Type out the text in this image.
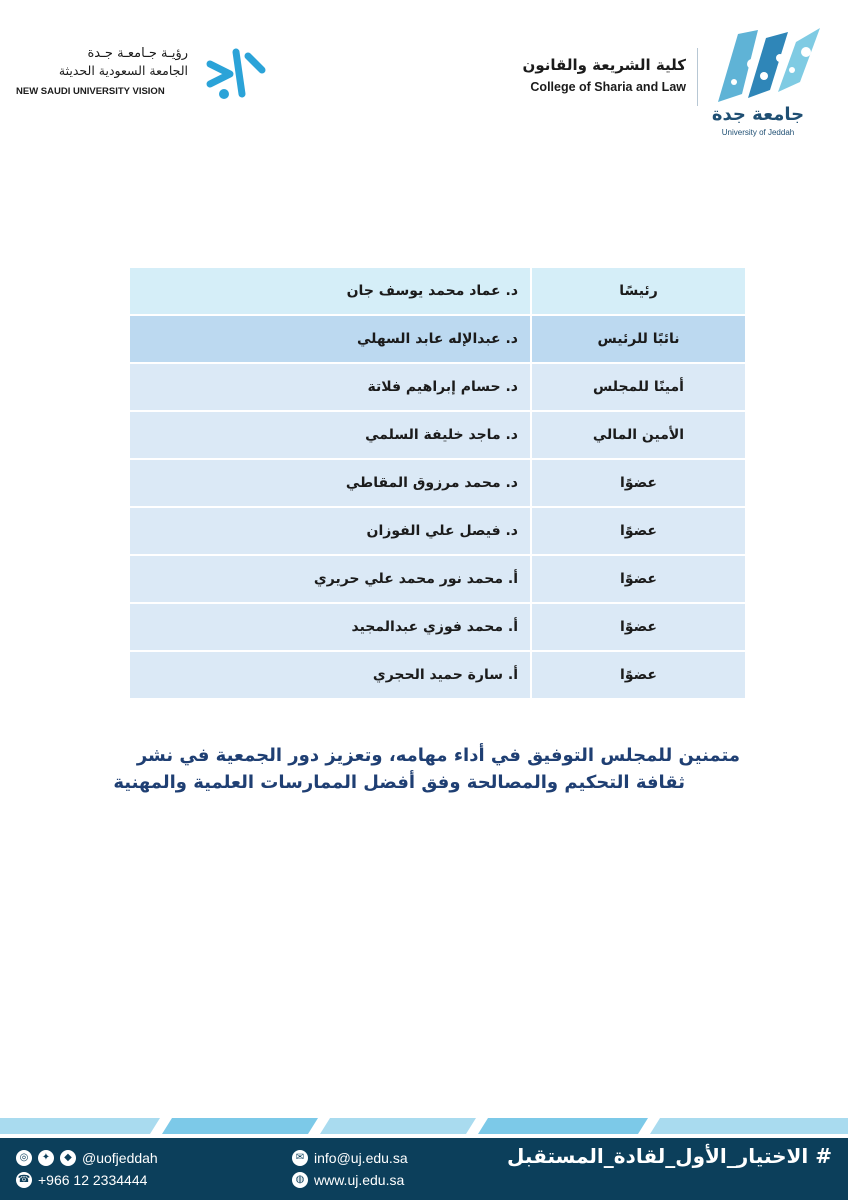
جامعة جدة
University of Jeddah
كلية الشريعة والقانون
College of Sharia and Law
رؤيـة جـامعـة جـدة
الجامعة السعودية الحديثة
NEW SAUDI UNIVERSITY VISION
د. عماد محمد يوسف جان	رئيسًا
د. عبدالإله عابد السهلي	نائبًا للرئيس
د. حسام إبراهيم فلاتة	أمينًا للمجلس
د. ماجد خليفة السلمي	الأمين المالي
د. محمد مرزوق المقاطي	عضوًا
د. فيصل علي الفوزان	عضوًا
أ. محمد نور محمد علي حريري	عضوًا
أ. محمد فوزي عبدالمجيد	عضوًا
أ. سارة حميد الحجري	عضوًا

متمنين للمجلس التوفيق في أداء مهامه، وتعزيز دور الجمعية في نشر

ثقافة التحكيم والمصالحة وفق أفضل الممارسات العلمية والمهنية

◎	✦	◆ @uofjeddah
☎ +966 12 2334444
✉ info@uj.edu.sa
◍ www.uj.edu.sa
# الاختيار_الأول_لقادة_المستقبل
